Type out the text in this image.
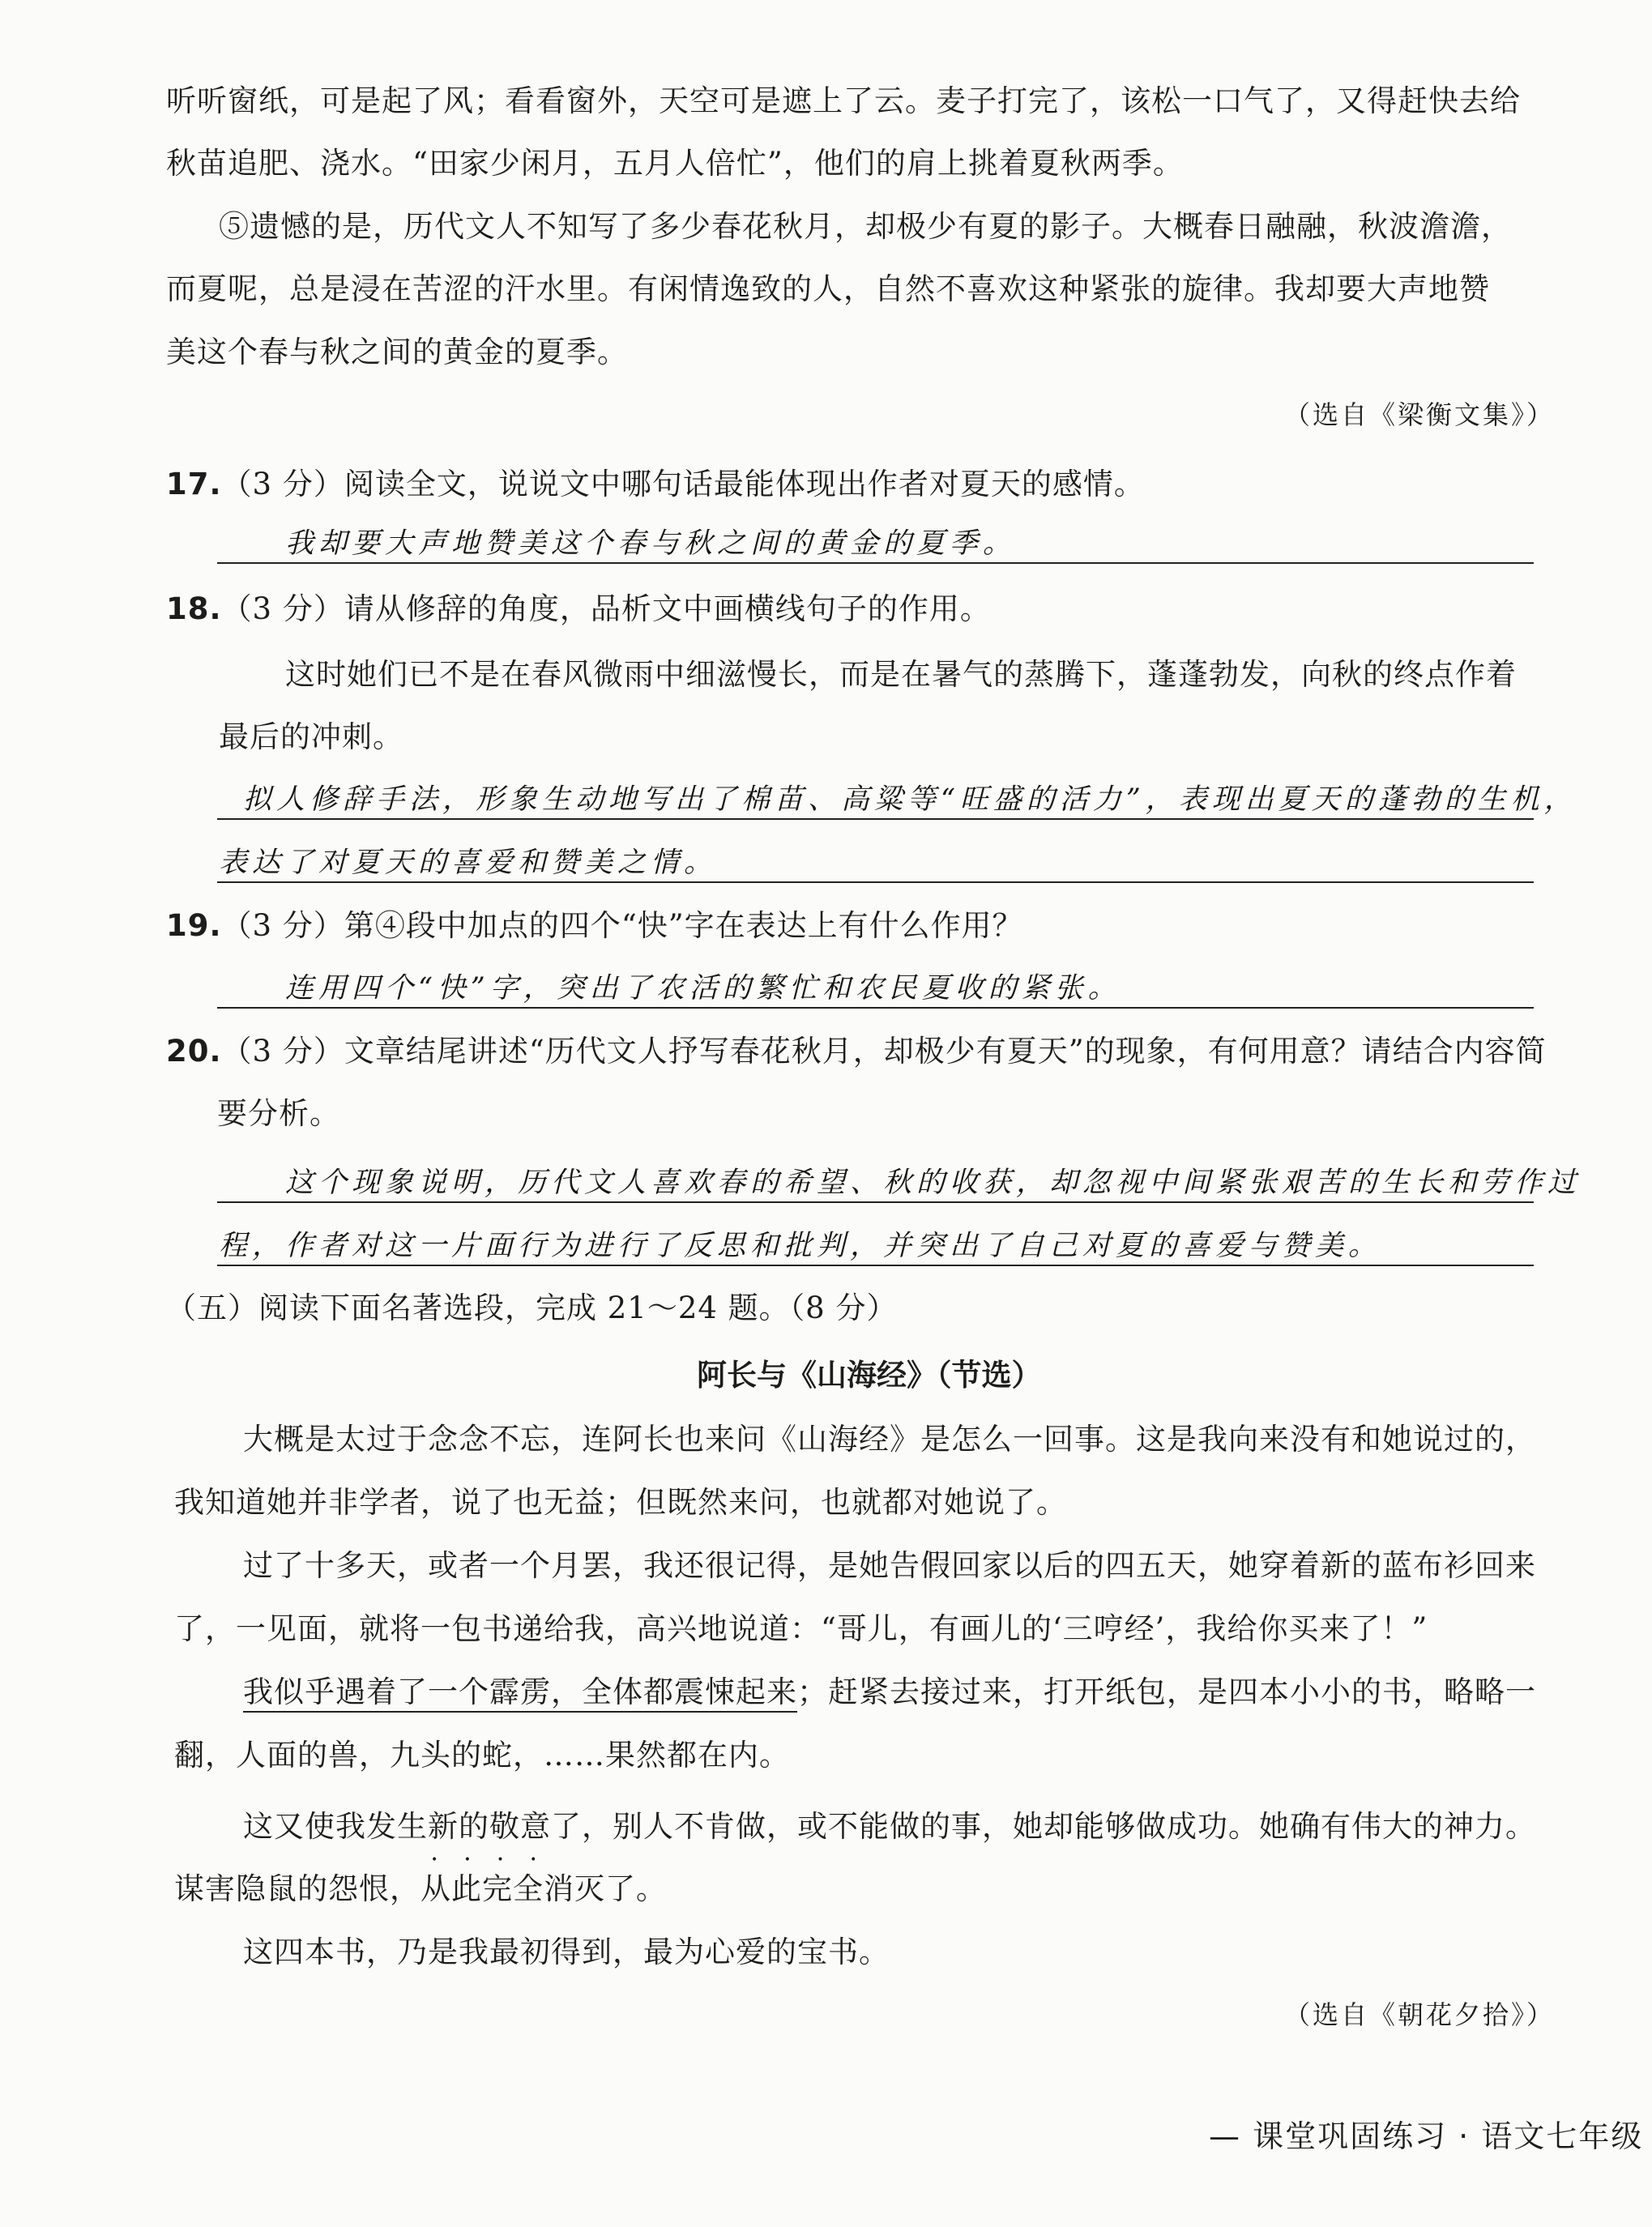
听听窗纸，可是起了风；看看窗外，天空可是遮上了云。麦子打完了，该松一口气了，又得赶快去给
秋苗追肥、浇水。“田家少闲月，五月人倍忙”，他们的肩上挑着夏秋两季。
⑤遗憾的是，历代文人不知写了多少春花秋月，却极少有夏的影子。大概春日融融，秋波澹澹，
而夏呢，总是浸在苦涩的汗水里。有闲情逸致的人，自然不喜欢这种紧张的旋律。我却要大声地赞
美这个春与秋之间的黄金的夏季。
（选自《梁衡文集》）
17.（3 分）阅读全文，说说文中哪句话最能体现出作者对夏天的感情。
我却要大声地赞美这个春与秋之间的黄金的夏季。
18.（3 分）请从修辞的角度，品析文中画横线句子的作用。
这时她们已不是在春风微雨中细滋慢长，而是在暑气的蒸腾下，蓬蓬勃发，向秋的终点作着
最后的冲刺。
拟人修辞手法，形象生动地写出了棉苗、高粱等“旺盛的活力”，表现出夏天的蓬勃的生机，
表达了对夏天的喜爱和赞美之情。
19.（3 分）第④段中加点的四个“快”字在表达上有什么作用？
连用四个“快”字，突出了农活的繁忙和农民夏收的紧张。
20.（3 分）文章结尾讲述“历代文人抒写春花秋月，却极少有夏天”的现象，有何用意？请结合内容简
要分析。
这个现象说明，历代文人喜欢春的希望、秋的收获，却忽视中间紧张艰苦的生长和劳作过
程，作者对这一片面行为进行了反思和批判，并突出了自己对夏的喜爱与赞美。
（五）阅读下面名著选段，完成 21～24 题。（8 分）
阿长与《山海经》（节选）
大概是太过于念念不忘，连阿长也来问《山海经》是怎么一回事。这是我向来没有和她说过的，
我知道她并非学者，说了也无益；但既然来问，也就都对她说了。
过了十多天，或者一个月罢，我还很记得，是她告假回家以后的四五天，她穿着新的蓝布衫回来
了，一见面，就将一包书递给我，高兴地说道：“哥儿，有画儿的‘三哼经’，我给你买来了！”
我似乎遇着了一个霹雳，全体都震悚起来；赶紧去接过来，打开纸包，是四本小小的书，略略一
翻，人面的兽，九头的蛇，……果然都在内。
这又使我发生新的敬意 • • • •了，别人不肯做，或不能做的事，她却能够做成功。她确有伟大的神力。
谋害隐鼠的怨恨，从此完全消灭了。
这四本书，乃是我最初得到，最为心爱的宝书。
（选自《朝花夕拾》）
— 课堂巩固练习 · 语文七年级
